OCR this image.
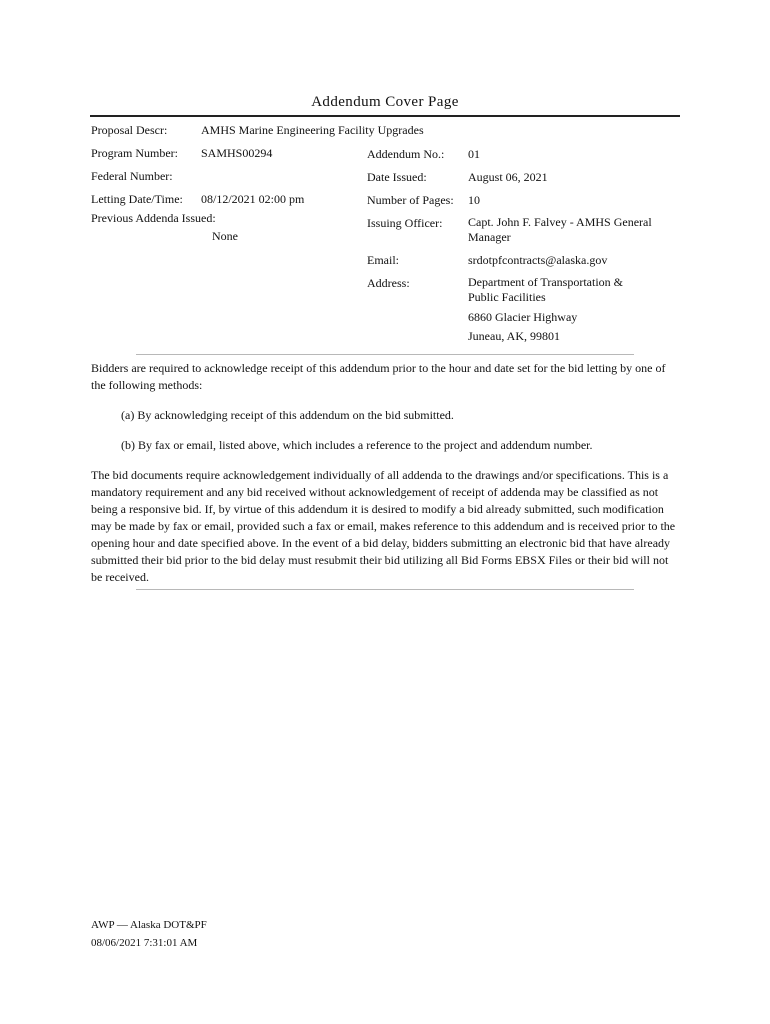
Addendum Cover Page
Proposal Descr:	AMHS Marine Engineering Facility Upgrades
Program Number: SAMHS00294
Federal Number:
Letting Date/Time: 08/12/2021 02:00 pm
Previous Addenda Issued:
None
Addendum No.: 01
Date Issued:	August 06, 2021
Number of Pages: 10
Issuing Officer: Capt. John F. Falvey - AMHS General Manager
Email:	srdotpfcontracts@alaska.gov
Address:	Department of Transportation & Public Facilities
6860 Glacier Highway
Juneau, AK, 99801
Bidders are required to acknowledge receipt of this addendum prior to the hour and date set for the bid letting by one of the following methods:
(a) By acknowledging receipt of this addendum on the bid submitted.
(b) By fax or email, listed above, which includes a reference to the project and addendum number.
The bid documents require acknowledgement individually of all addenda to the drawings and/or specifications. This is a mandatory requirement and any bid received without acknowledgement of receipt of addenda may be classified as not being a responsive bid. If, by virtue of this addendum it is desired to modify a bid already submitted, such modification may be made by fax or email, provided such a fax or email, makes reference to this addendum and is received prior to the opening hour and date specified above. In the event of a bid delay, bidders submitting an electronic bid that have already submitted their bid prior to the bid delay must resubmit their bid utilizing all Bid Forms EBSX Files or their bid will not be received.
AWP — Alaska DOT&PF
08/06/2021 7:31:01 AM
